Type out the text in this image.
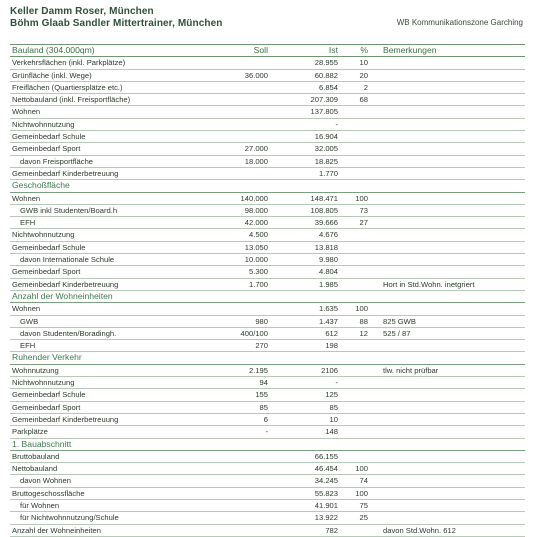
Keller Damm Roser, München
Böhm Glaab Sandler Mittertrainer, München	WB Kommunikationszone Garching
Bauland (304.000qm)	Soll	Ist	%	Bemerkungen
Verkehrsflächen (inkl. Parkplätze)		28.955	10	
Grünfläche (inkl. Wege)	36.000	60.882	20	
Freiflächen (Quartiersplätze etc.)		6.854	2	
Nettobauland (inkl. Freisportfläche)		207.309	68	
Wohnen		137.805		
Nichtwohnnutzung		-		
Gemeinbedarf Schule		16.904		
Gemeinbedarf Sport	27.000	32.005		
davon Freisportfläche	18.000	18.825		
Gemeinbedarf Kinderbetreuung		1.770		
Geschoßfläche				
Wohnen	140.000	148.471	100	
GWB inkl Studenten/Board.h	98.000	108.805	73	
EFH	42.000	39.666	27	
Nichtwohnnutzung	4.500	4.676		
Gemeinbedarf Schule	13.050	13.818		
davon Internationale Schule	10.000	9.980		
Gemeinbedarf Sport	5.300	4.804		
Gemeinbedarf Kinderbetreuung	1.700	1.985		Hort in Std.Wohn. inetgriert
Anzahl der Wohneinheiten				
Wohnen		1.635	100	
GWB	980	1.437	88	825 GWB
davon Studenten/Boradingh.	400/100	612	12	525 / 87
EFH	270	198		
Ruhender Verkehr				
Wohnnutzung	2.195	2106		tlw. nicht prüfbar
Nichtwohnnutzung	94	-		
Gemeinbedarf Schule	155	125		
Gemeinbedarf Sport	85	85		
Gemeinbedarf Kinderbetreuung	6	10		
Parkplätze	-	148		
1. Bauabschnitt				
Bruttobauland		66.155		
Nettobauland		46.454	100	
davon Wohnen		34.245	74	
Bruttogeschossfläche		55.823	100	
für Wohnen		41.901	75	
für Nichtwohnnutzung/Schule		13.922	25	
Anzahl der Wohneinheiten		782		davon Std.Wohn. 612
